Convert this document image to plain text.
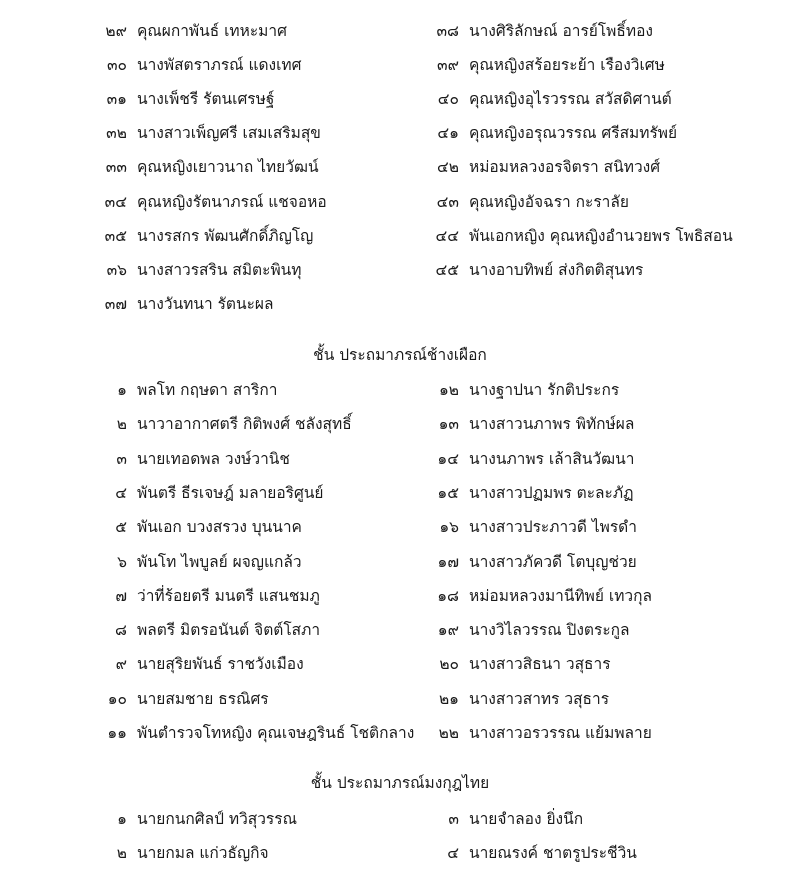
๒๙ คุณผกาพันธ์ เทหะมาศ
๓๐ นางพัสตราภรณ์ แดงเทศ
๓๑ นางเพ็ชรี รัตนเศรษฐ์
๓๒ นางสาวเพ็ญศรี เสมเสริมสุข
๓๓ คุณหญิงเยาวนาถ ไทยวัฒน์
๓๔ คุณหญิงรัตนาภรณ์ แชจอหอ
๓๕ นางรสกร พัฒนศักดิ์ภิญโญ
๓๖ นางสาวรสริน สมิตะพินทุ
๓๗ นางวันทนา รัตนะผล
๓๘ นางศิริลักษณ์ อารย์โพธิ์ทอง
๓๙ คุณหญิงสร้อยระย้า เรืองวิเศษ
๔๐ คุณหญิงอุไรวรรณ สวัสดิศานต์
๔๑ คุณหญิงอรุณวรรณ ศรีสมทรัพย์
๔๒ หม่อมหลวงอรจิตรา สนิทวงศ์
๔๓ คุณหญิงอัจฉรา กะราลัย
๔๔ พันเอกหญิง คุณหญิงอำนวยพร โพธิสอน
๔๕ นางอาบทิพย์ ส่งกิตติสุนทร
ชั้น ประถมาภรณ์ช้างเผือก
๑ พลโท กฤษดา สาริกา
๒ นาวาอากาศตรี กิติพงศ์ ชลังสุทธิ์
๓ นายเทอดพล วงษ์วานิช
๔ พันตรี ธีรเจษฎ์ มลายอริศูนย์
๕ พันเอก บวงสรวง บุนนาค
๖ พันโท ไพบูลย์ ผจญแกล้ว
๗ ว่าที่ร้อยตรี มนตรี แสนชมภู
๘ พลตรี มิตรอนันต์ จิตต์โสภา
๙ นายสุริยพันธ์ ราชวังเมือง
๑๐ นายสมชาย ธรณิศร
๑๑ พันตำรวจโทหญิง คุณเจษฎรินธ์ โชติกลาง
๑๒ นางฐาปนา รักติประกร
๑๓ นางสาวนภาพร พิทักษ์ผล
๑๔ นางนภาพร เล้าสินวัฒนา
๑๕ นางสาวปฏมพร ตะละภัฏ
๑๖ นางสาวประภาวดี ไพรดำ
๑๗ นางสาวภัควดี โตบุญช่วย
๑๘ หม่อมหลวงมานีทิพย์ เทวกุล
๑๙ นางวิไลวรรณ ปิงตระกูล
๒๐ นางสาวสิธนา วสุธาร
๒๑ นางสาวสาทร วสุธาร
๒๒ นางสาวอรวรรณ แย้มพลาย
ชั้น ประถมาภรณ์มงกุฎไทย
๑ นายกนกศิลป์ ทวิสุวรรณ
๒ นายกมล แก่วธัญกิจ
๓ นายจำลอง ยิ่งนึก
๔ นายณรงค์ ชาตรูประชีวิน
